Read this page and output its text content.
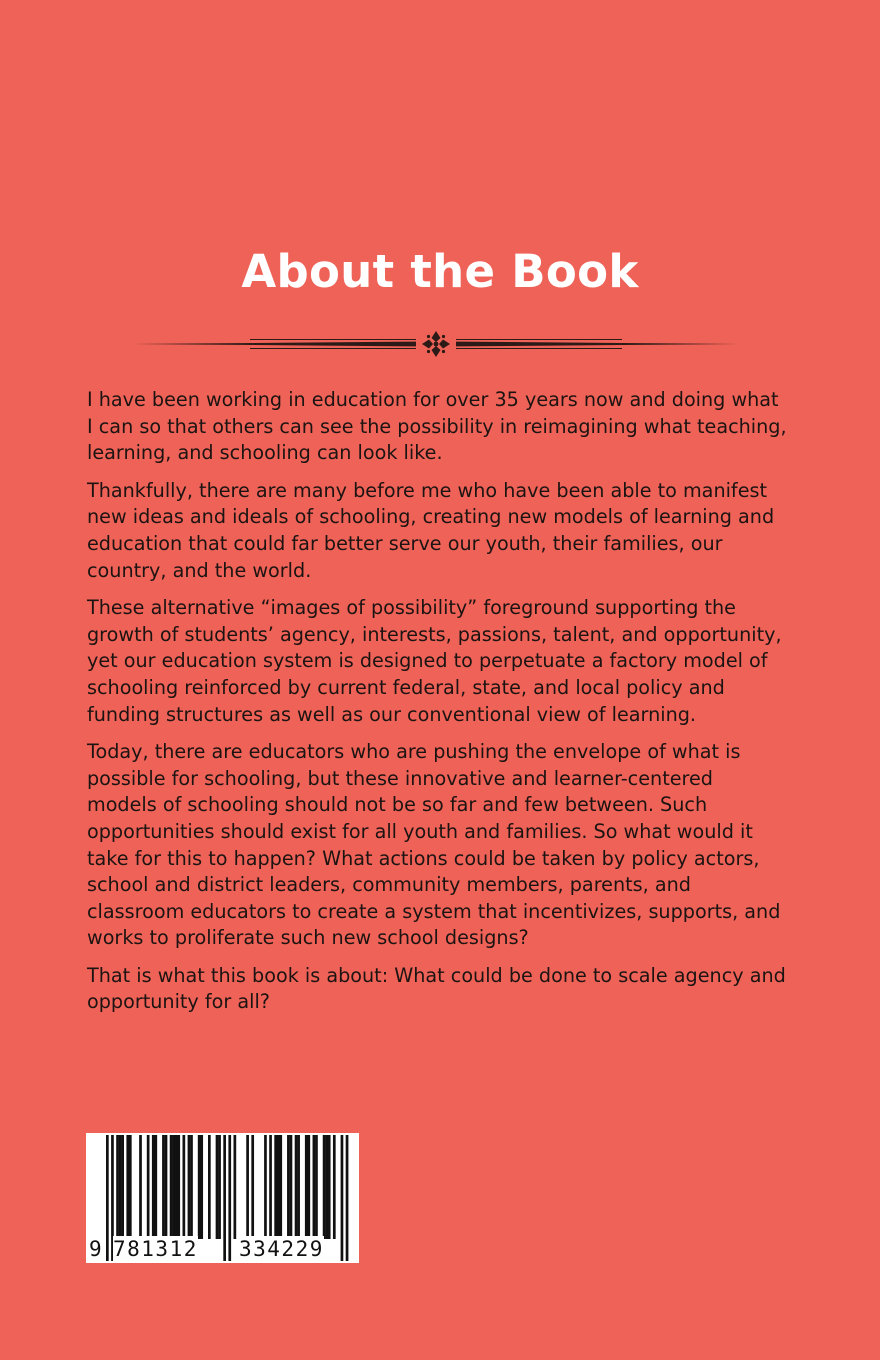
About the Book

I have been working in education for over 35 years now and doing what I can so that others can see the possibility in reimagining what teaching, learning, and schooling can look like.

Thankfully, there are many before me who have been able to manifest new ideas and ideals of schooling, creating new models of learning and education that could far better serve our youth, their families, our country, and the world.

These alternative “images of possibility” foreground supporting the growth of students’ agency, interests, passions, talent, and opportunity, yet our education system is designed to perpetuate a factory model of schooling reinforced by current federal, state, and local policy and funding structures as well as our conventional view of learning.

Today, there are educators who are pushing the envelope of what is possible for schooling, but these innovative and learner-centered models of schooling should not be so far and few between. Such opportunities should exist for all youth and families. So what would it take for this to happen? What actions could be taken by policy actors, school and district leaders, community members, parents, and classroom educators to create a system that incentivizes, supports, and works to proliferate such new school designs?

That is what this book is about: What could be done to scale agency and opportunity for all?

9 781312 334229
